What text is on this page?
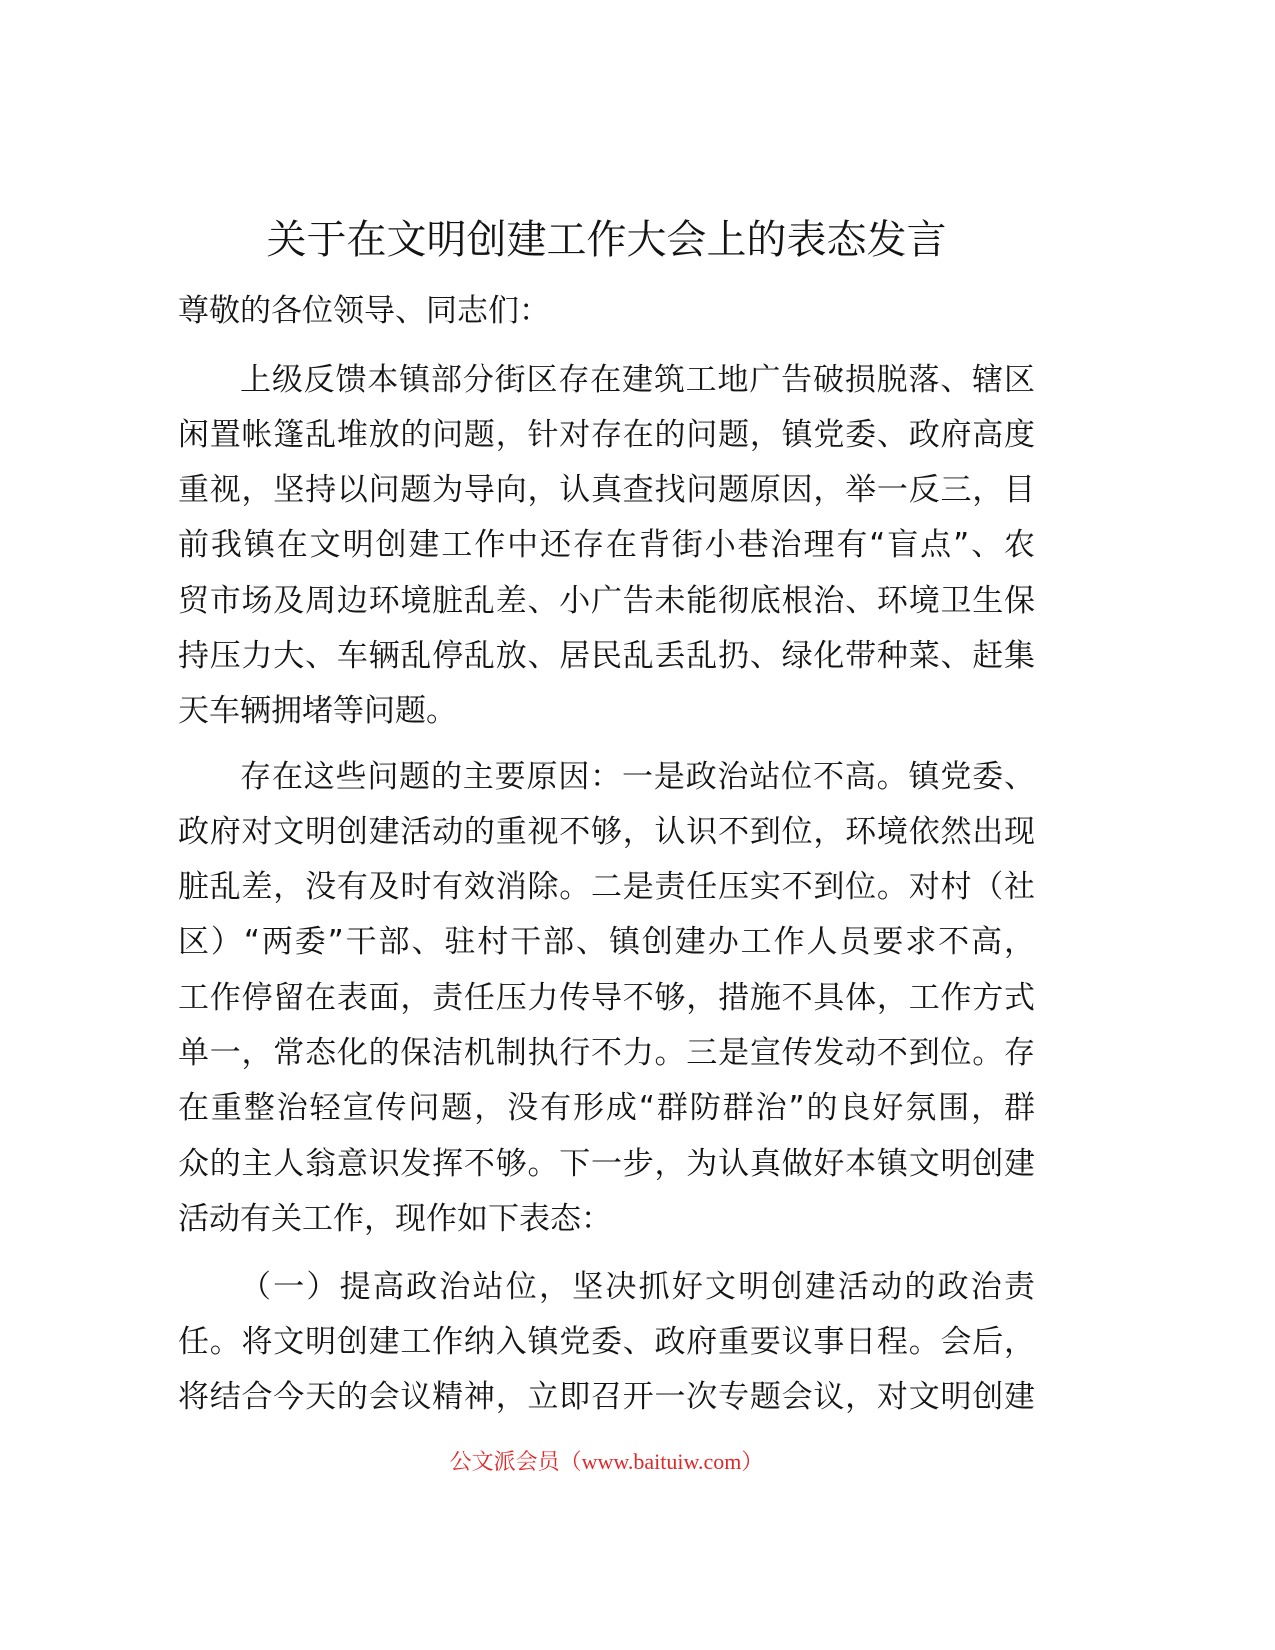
关于在文明创建工作大会上的表态发言
尊敬的各位领导、同志们：
上级反馈本镇部分街区存在建筑工地广告破损脱落、辖区
闲置帐篷乱堆放的问题，针对存在的问题，镇党委、政府高度
重视，坚持以问题为导向，认真查找问题原因，举一反三，目
前我镇在文明创建工作中还存在背街小巷治理有“盲点”、农
贸市场及周边环境脏乱差、小广告未能彻底根治、环境卫生保
持压力大、车辆乱停乱放、居民乱丢乱扔、绿化带种菜、赶集
天车辆拥堵等问题。
存在这些问题的主要原因：一是政治站位不高。镇党委、
政府对文明创建活动的重视不够，认识不到位，环境依然出现
脏乱差，没有及时有效消除。二是责任压实不到位。对村（社
区）“两委”干部、驻村干部、镇创建办工作人员要求不高，
工作停留在表面，责任压力传导不够，措施不具体，工作方式
单一，常态化的保洁机制执行不力。三是宣传发动不到位。存
在重整治轻宣传问题，没有形成“群防群治”的良好氛围，群
众的主人翁意识发挥不够。下一步，为认真做好本镇文明创建
活动有关工作，现作如下表态：
（一）提高政治站位，坚决抓好文明创建活动的政治责
任。将文明创建工作纳入镇党委、政府重要议事日程。会后，
将结合今天的会议精神，立即召开一次专题会议，对文明创建
公文派会员（www.baituiw.com）
